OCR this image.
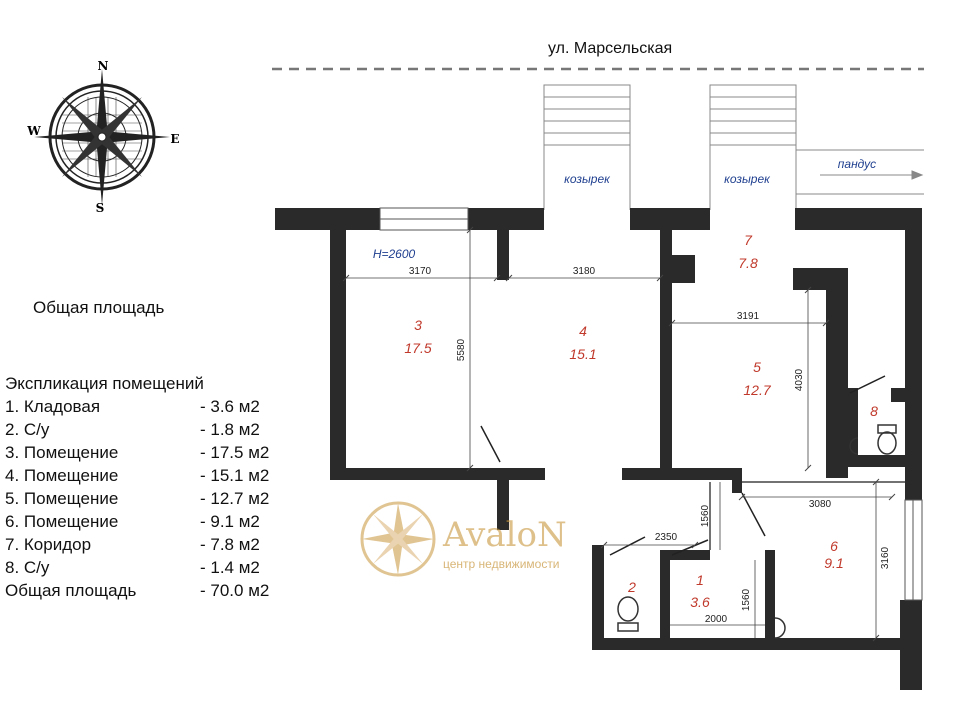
N
S
E
W
козырек	козырек
пандус
H=2600
3170	3180
5580
3191
4030
3080
3160
2350
1560
1560
2000
3
17.5
4
15.1
5
12.7
7
7.8
8
6
9.1
2	1
3.6
AvaloN
центр недвижимости
ул. Марсельская
Общая площадь
Экспликация помещений
1. Кладовая	- 3.6 м2
2. С/у	- 1.8 м2
3. Помещение	- 17.5 м2
4. Помещение	- 15.1 м2
5. Помещение	- 12.7 м2
6. Помещение	- 9.1 м2
7. Коридор	- 7.8 м2
8. С/у	- 1.4 м2
Общая площадь	- 70.0 м2
